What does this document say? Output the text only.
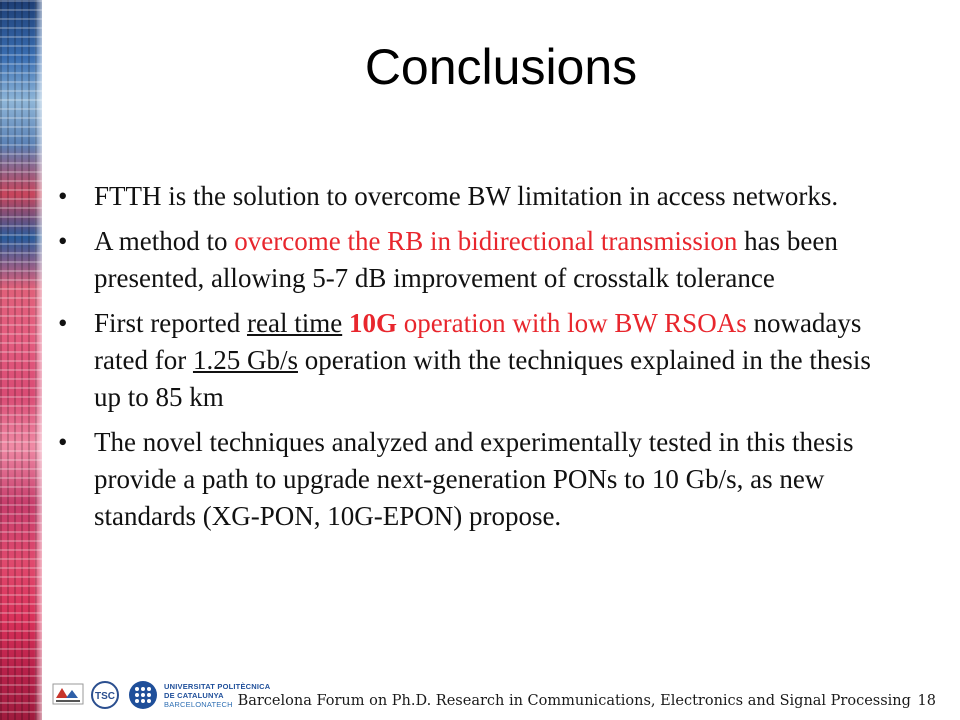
Conclusions
• FTTH is the solution to overcome BW limitation in access networks.
• A method to overcome the RB in bidirectional transmission has been presented, allowing 5-7 dB improvement of crosstalk tolerance
• First reported real time 10G operation with low BW RSOAs nowadays rated for 1.25 Gb/s operation with the techniques explained in the thesis up to 85 km
• The novel techniques analyzed and experimentally tested in this thesis provide a path to upgrade next-generation PONs to 10 Gb/s, as new standards (XG-PON, 10G-EPON) propose.
TSC
UNIVERSITAT POLITÈCNICA
DE CATALUNYA
BARCELONATECH Barcelona Forum on Ph.D. Research in Communications, Electronics and Signal Processing 18
